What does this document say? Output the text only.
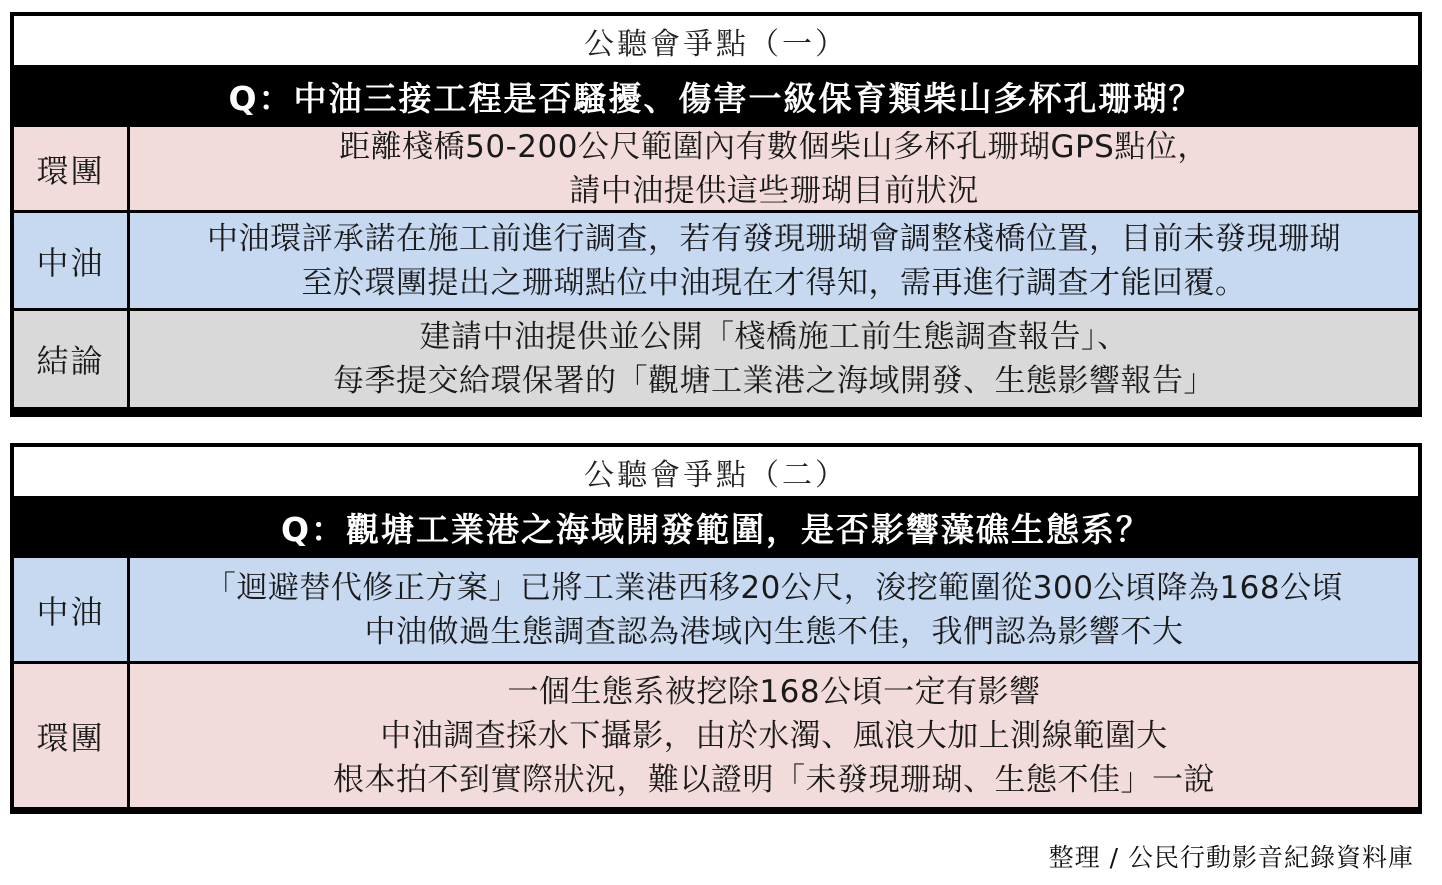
公聽會爭點（一）
Q：中油三接工程是否騷擾、傷害一級保育類柴山多杯孔珊瑚？
環團
距離棧橋50-200公尺範圍內有數個柴山多杯孔珊瑚GPS點位，
請中油提供這些珊瑚目前狀況
中油
中油環評承諾在施工前進行調查，若有發現珊瑚會調整棧橋位置，目前未發現珊瑚
至於環團提出之珊瑚點位中油現在才得知，需再進行調查才能回覆。
結論
建請中油提供並公開「棧橋施工前生態調查報告」、
每季提交給環保署的「觀塘工業港之海域開發、生態影響報告」
公聽會爭點（二）
Q：觀塘工業港之海域開發範圍，是否影響藻礁生態系？
中油
「迴避替代修正方案」已將工業港西移20公尺，浚挖範圍從300公頃降為168公頃
中油做過生態調查認為港域內生態不佳，我們認為影響不大
環團
一個生態系被挖除168公頃一定有影響
中油調查採水下攝影，由於水濁、風浪大加上測線範圍大
根本拍不到實際狀況，難以證明「未發現珊瑚、生態不佳」一說
整理 / 公民行動影音紀錄資料庫
